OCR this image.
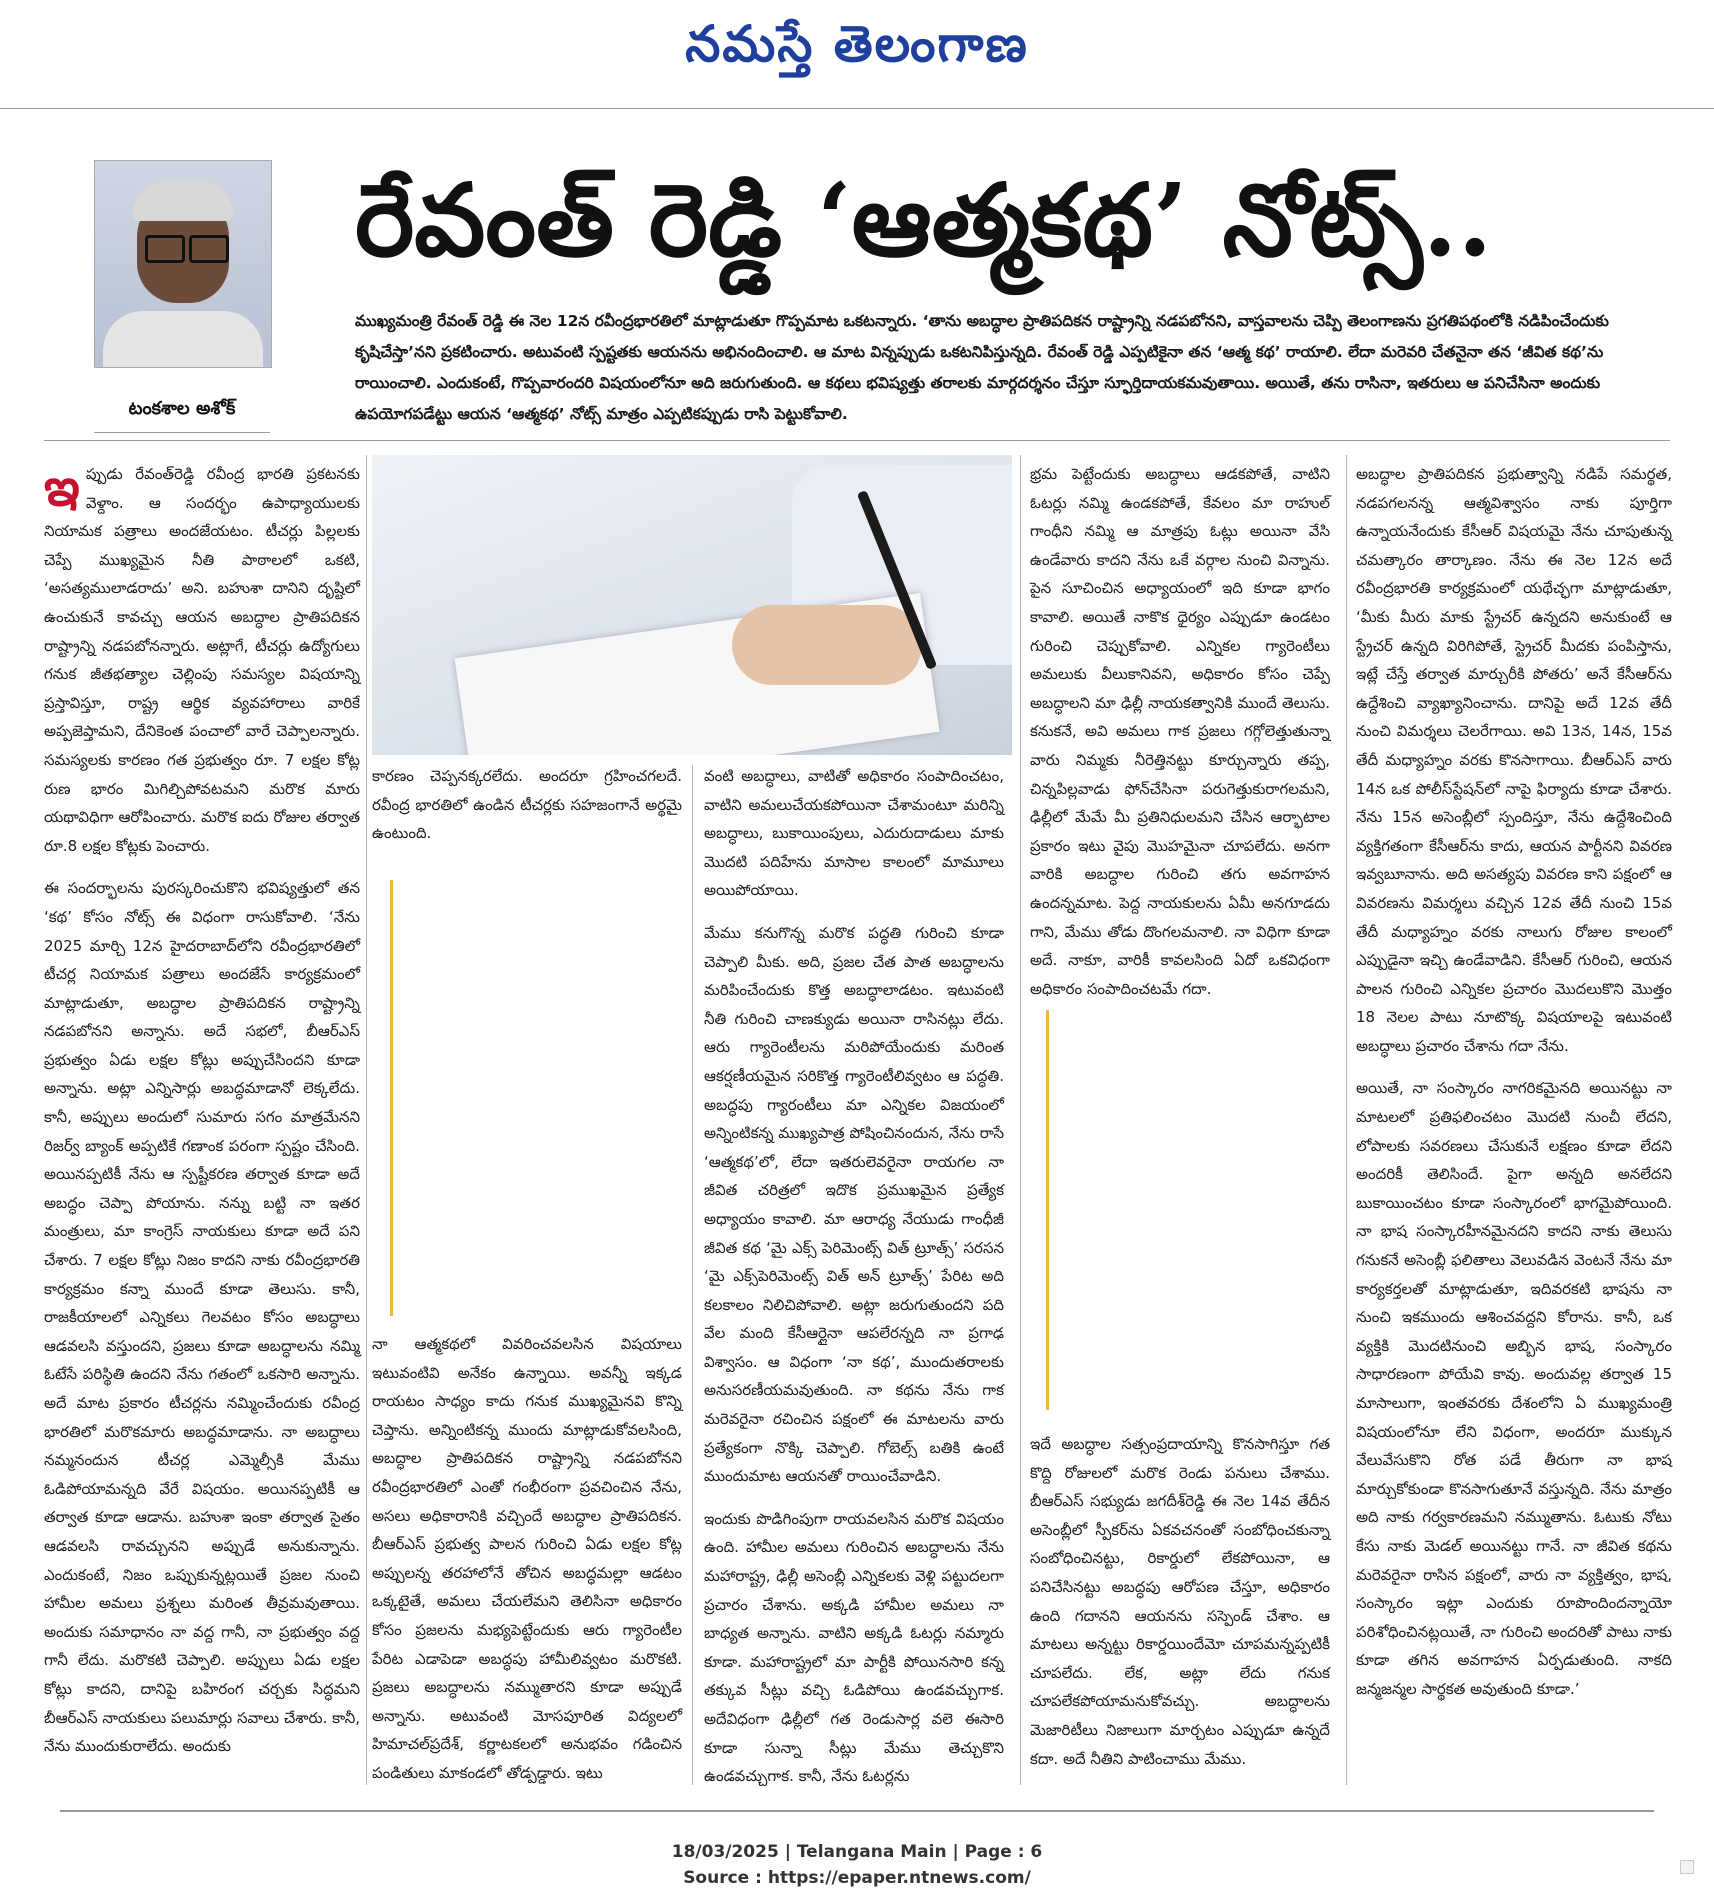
నమస్తే తెలంగాణ
టంకశాల అశోక్
రేవంత్ రెడ్డి ‘ఆత్మకథ’ నోట్స్..
ముఖ్యమంత్రి రేవంత్ రెడ్డి ఈ నెల 12న రవీంద్రభారతిలో మాట్లాడుతూ గొప్పమాట ఒకటన్నారు. ‘తాను అబద్ధాల ప్రాతిపదికన రాష్ట్రాన్ని నడపబోనని, వాస్తవాలను చెప్పి తెలంగాణను ప్రగతిపథంలోకి నడిపించేందుకు కృషిచేస్తా’నని ప్రకటించారు. అటువంటి స్పష్టతకు ఆయనను అభినందించాలి. ఆ మాట విన్నప్పుడు ఒకటనిపిస్తున్నది. రేవంత్ రెడ్డి ఎప్పటికైనా తన ‘ఆత్మ కథ’ రాయాలి. లేదా మరెవరి చేతనైనా తన ‘జీవిత కథ’ను రాయించాలి. ఎందుకంటే, గొప్పవారందరి విషయంలోనూ అది జరుగుతుంది. ఆ కథలు భవిష్యత్తు తరాలకు మార్గదర్శనం చేస్తూ స్ఫూర్తిదాయకమవుతాయి. అయితే, తను రాసినా, ఇతరులు ఆ పనిచేసినా అందుకు ఉపయోగపడేట్టు ఆయన ‘ఆత్మకథ’ నోట్స్ మాత్రం ఎప్పటికప్పుడు రాసి పెట్టుకోవాలి.

ఇప్పుడు రేవంత్‌రెడ్డి రవీంద్ర భారతి ప్రకటనకు వెళ్దాం. ఆ సందర్భం ఉపాధ్యాయులకు నియామక పత్రాలు అందజేయటం. టీచర్లు పిల్లలకు చెప్పే ముఖ్యమైన నీతి పాఠాలలో ఒకటి, ‘అసత్యములాడరాదు’ అని. బహుశా దానిని దృష్టిలో ఉంచుకునే కావచ్చు ఆయన అబద్ధాల ప్రాతిపదికన రాష్ట్రాన్ని నడపబోనన్నారు. అట్లాగే, టీచర్లు ఉద్యోగులు గనుక జీతభత్యాల చెల్లింపు సమస్యల విషయాన్ని ప్రస్తావిస్తూ, రాష్ట్ర ఆర్థిక వ్యవహారాలు వారికే అప్పజెప్తామని, దేనికెంత పంచాలో వారే చెప్పాలన్నారు. సమస్యలకు కారణం గత ప్రభుత్వం రూ. 7 లక్షల కోట్ల రుణ భారం మిగిల్చిపోవటమని మరొక మారు యథావిధిగా ఆరోపించారు. మరొక ఐదు రోజుల తర్వాత రూ.8 లక్షల కోట్లకు పెంచారు.

ఈ సందర్భాలను పురస్కరించుకొని భవిష్యత్తులో తన ‘కథ’ కోసం నోట్స్ ఈ విధంగా రాసుకోవాలి. ‘నేను 2025 మార్చి 12న హైదరాబాద్‌లోని రవీంద్రభారతిలో టీచర్ల నియామక పత్రాలు అందజేసే కార్యక్రమంలో మాట్లాడుతూ, అబద్ధాల ప్రాతిపదికన రాష్ట్రాన్ని నడపబోనని అన్నాను. అదే సభలో, బీఆర్ఎస్ ప్రభుత్వం ఏడు లక్షల కోట్లు అప్పుచేసిందని కూడా అన్నాను. అట్లా ఎన్నిసార్లు అబద్ధమాడానో లెక్కలేదు. కానీ, అప్పులు అందులో సుమారు సగం మాత్రమేనని రిజర్వ్ బ్యాంక్ అప్పటికే గణాంక పరంగా స్పష్టం చేసింది. అయినప్పటికీ నేను ఆ స్పష్టీకరణ తర్వాత కూడా అదే అబద్ధం చెప్పా పోయాను. నన్ను బట్టి నా ఇతర మంత్రులు, మా కాంగ్రెస్ నాయకులు కూడా అదే పని చేశారు. 7 లక్షల కోట్లు నిజం కాదని నాకు రవీంద్రభారతి కార్యక్రమం కన్నా ముందే కూడా తెలుసు. కానీ, రాజకీయాలలో ఎన్నికలు గెలవటం కోసం అబద్ధాలు ఆడవలసి వస్తుందని, ప్రజలు కూడా అబద్ధాలను నమ్మి ఓటేసే పరిస్థితి ఉందని నేను గతంలో ఒకసారి అన్నాను. అదే మాట ప్రకారం టీచర్లను నమ్మించేందుకు రవీంద్ర భారతిలో మరొకమారు అబద్ధమాడాను. నా అబద్ధాలు నమ్మనందున టీచర్ల ఎమ్మెల్సీకి మేము ఓడిపోయామన్నది వేరే విషయం. అయినప్పటికీ ఆ తర్వాత కూడా ఆడాను. బహుశా ఇంకా తర్వాత సైతం ఆడవలసి రావచ్చునని అప్పుడే అనుకున్నాను. ఎందుకంటే, నిజం ఒప్పుకున్నట్లయితే ప్రజల నుంచి హామీల అమలు ప్రశ్నలు మరింత తీవ్రమవుతాయి. అందుకు సమాధానం నా వద్ద గానీ, నా ప్రభుత్వం వద్ద గానీ లేదు. మరొకటి చెప్పాలి. అప్పులు ఏడు లక్షల కోట్లు కాదని, దానిపై బహిరంగ చర్చకు సిద్ధమని బీఆర్ఎస్ నాయకులు పలుమార్లు సవాలు చేశారు. కానీ, నేను ముందుకురాలేదు. అందుకు

కారణం చెప్పనక్కరలేదు. అందరూ గ్రహించగలదే. రవీంద్ర భారతిలో ఉండిన టీచర్లకు సహజంగానే అర్థమై ఉంటుంది.

నా ఆత్మకథలో వివరించవలసిన విషయాలు ఇటువంటివి అనేకం ఉన్నాయి. అవన్నీ ఇక్కడ రాయటం సాధ్యం కాదు గనుక ముఖ్యమైనవి కొన్ని చెప్తాను. అన్నింటికన్న ముందు మాట్లాడుకోవలసింది, అబద్ధాల ప్రాతిపదికన రాష్ట్రాన్ని నడపబోనని రవీంద్రభారతిలో ఎంతో గంభీరంగా ప్రవచించిన నేను, అసలు అధికారానికి వచ్చిందే అబద్ధాల ప్రాతిపదికన. బీఆర్ఎస్ ప్రభుత్వ పాలన గురించి ఏడు లక్షల కోట్ల అప్పులన్న తరహాలోనే తోచిన అబద్ధమల్లా ఆడటం ఒక్కటైతే, అమలు చేయలేమని తెలిసినా అధికారం కోసం ప్రజలను మభ్యపెట్టేందుకు ఆరు గ్యారెంటీల పేరిట ఎడాపెడా అబద్ధపు హామీలివ్వటం మరొకటి. ప్రజలు అబద్ధాలను నమ్ముతారని కూడా అప్పుడే అన్నాను. అటువంటి మోసపూరిత విద్యలలో హిమాచల్‌ప్రదేశ్, కర్ణాటకలలో అనుభవం గడించిన పండితులు మాకండలో తోడ్పడ్డారు. ఇటు

వంటి అబద్ధాలు, వాటితో అధికారం సంపాదించటం, వాటిని అమలుచేయకపోయినా చేశామంటూ మరిన్ని అబద్ధాలు, బుకాయింపులు, ఎదురుదాడులు మాకు మొదటి పదిహేను మాసాల కాలంలో మామూలు అయిపోయాయి.

మేము కనుగొన్న మరొక పద్ధతి గురించి కూడా చెప్పాలి మీకు. అది, ప్రజల చేత పాత అబద్ధాలను మరిపించేందుకు కొత్త అబద్ధాలాడటం. ఇటువంటి నీతి గురించి చాణక్యుడు అయినా రాసినట్లు లేదు. ఆరు గ్యారెంటీలను మరిపోయేందుకు మరింత ఆకర్షణీయమైన సరికొత్త గ్యారెంటీలివ్వటం ఆ పద్ధతి. అబద్ధపు గ్యారంటీలు మా ఎన్నికల విజయంలో అన్నింటికన్న ముఖ్యపాత్ర పోషించినందున, నేను రాసే ‘ఆత్మకథ’లో, లేదా ఇతరులెవరైనా రాయగల నా జీవిత చరిత్రలో ఇదొక ప్రముఖమైన ప్రత్యేక అధ్యాయం కావాలి. మా ఆరాధ్య నేయుడు గాంధీజీ జీవిత కథ ‘మై ఎక్స్ పెరిమెంట్స్ విత్ ట్రూత్స్’ సరసన ‘మై ఎక్స్‌పెరిమెంట్స్ విత్ అన్ ట్రూత్స్’ పేరిట అది కలకాలం నిలిచిపోవాలి. అట్లా జరుగుతుందని పది వేల మంది కేసీఆర్లైనా ఆపలేరన్నది నా ప్రగాఢ విశ్వాసం. ఆ విధంగా ‘నా కథ’, ముందుతరాలకు అనుసరణీయమవుతుంది. నా కథను నేను గాక మరెవరైనా రచించిన పక్షంలో ఈ మాటలను వారు ప్రత్యేకంగా నొక్కి చెప్పాలి. గోబెల్స్ బతికి ఉంటే ముందుమాట ఆయనతో రాయించేవాడిని.

ఇందుకు పొడిగింపుగా రాయవలసిన మరొక విషయం ఉంది. హామీల అమలు గురించిన అబద్ధాలను నేను మహారాష్ట్ర, ఢిల్లీ అసెంబ్లీ ఎన్నికలకు వెళ్లి పట్టుదలగా ప్రచారం చేశాను. అక్కడి హామీల అమలు నా బాధ్యత అన్నాను. వాటిని అక్కడి ఓటర్లు నమ్మారు కూడా. మహారాష్ట్రలో మా పార్టీకి పోయినసారి కన్న తక్కువ సీట్లు వచ్చి ఓడిపోయి ఉండవచ్చుగాక. అదేవిధంగా ఢిల్లీలో గత రెండుసార్ల వలె ఈసారి కూడా సున్నా సీట్లు మేము తెచ్చుకొని ఉండవచ్చుగాక. కానీ, నేను ఓటర్లను

భ్రమ పెట్టేందుకు అబద్ధాలు ఆడకపోతే, వాటిని ఓటర్లు నమ్మి ఉండకపోతే, కేవలం మా రాహుల్ గాంధీని నమ్మి ఆ మాత్రపు ఓట్లు అయినా వేసి ఉండేవారు కాదని నేను ఒకే వర్గాల నుంచి విన్నాను. పైన సూచించిన అధ్యాయంలో ఇది కూడా భాగం కావాలి. అయితే నాకొక ధైర్యం ఎప్పుడూ ఉండటం గురించి చెప్పుకోవాలి. ఎన్నికల గ్యారెంటీలు అమలుకు వీలుకానివని, అధికారం కోసం చెప్పే అబద్ధాలని మా ఢిల్లీ నాయకత్వానికి ముందే తెలుసు. కనుకనే, అవి అమలు గాక ప్రజలు గగ్గోలెత్తుతున్నా వారు నిమ్మకు నీరెత్తినట్టు కూర్చున్నారు తప్ప, చిన్నపిల్లవాడు ఫోన్‌చేసినా పరుగెత్తుకురాగలమని, ఢిల్లీలో మేమే మీ ప్రతినిధులమని చేసిన ఆర్భాటాల ప్రకారం ఇటు వైపు మొహమైనా చూపలేదు. అనగా వారికి అబద్ధాల గురించి తగు అవగాహన ఉందన్నమాట. పెద్ద నాయకులను ఏమీ అనగూడదు గాని, మేము తోడు దొంగలమనాలి. నా విధిగా కూడా అదే. నాకూ, వారికీ కావలసింది ఏదో ఒకవిధంగా అధికారం సంపాదించటమే గదా.

ఇదే అబద్ధాల సత్సంప్రదాయాన్ని కొనసాగిస్తూ గత కొద్ది రోజులలో మరొక రెండు పనులు చేశాము. బీఆర్ఎస్ సభ్యుడు జగదీశ్‌రెడ్డి ఈ నెల 14వ తేదీన అసెంబ్లీలో స్పీకర్‌ను ఏకవచనంతో సంబోధించకున్నా సంబోధించినట్టు, రికార్డులో లేకపోయినా, ఆ పనిచేసినట్టు అబద్ధపు ఆరోపణ చేస్తూ, అధికారం ఉంది గదానని ఆయనను సస్పెండ్ చేశాం. ఆ మాటలు అన్నట్టు రికార్డయిందేమో చూపమన్నప్పటికీ చూపలేదు. లేక, అట్లా లేదు గనుక చూపలేకపోయామనుకోవచ్చు. అబద్ధాలను మెజారిటీలు నిజాలుగా మార్చటం ఎప్పుడూ ఉన్నదే కదా. అదే నీతిని పాటించాము మేము.

అబద్ధాల ప్రాతిపదికన ప్రభుత్వాన్ని నడిపే సమర్థత, నడపగలనన్న ఆత్మవిశ్వాసం నాకు పూర్తిగా ఉన్నాయనేందుకు కేసీఆర్ విషయమై నేను చూపుతున్న చమత్కారం తార్కాణం. నేను ఈ నెల 12న అదే రవీంద్రభారతి కార్యక్రమంలో యథేచ్ఛగా మాట్లాడుతూ, ‘మీకు మీరు మాకు స్ట్రేచర్ ఉన్నదని అనుకుంటే ఆ స్ట్రేచర్ ఉన్నది విరిగిపోతే, స్ట్రెచర్ మీదకు పంపిస్తాను, ఇట్లే చేస్తే తర్వాత మార్చురీకి పోతరు’ అనే కేసీఆర్‌ను ఉద్దేశించి వ్యాఖ్యానించాను. దానిపై అదే 12వ తేదీ నుంచి విమర్శలు చెలరేగాయి. అవి 13న, 14న, 15వ తేదీ మధ్యాహ్నం వరకు కొనసాగాయి. బీఆర్ఎస్ వారు 14న ఒక పోలీస్‌స్టేషన్‌లో నాపై ఫిర్యాదు కూడా చేశారు. నేను 15న అసెంబ్లీలో స్పందిస్తూ, నేను ఉద్దేశించింది వ్యక్తిగతంగా కేసీఆర్‌ను కాదు, ఆయన పార్టీనని వివరణ ఇవ్వబూనాను. అది అసత్యపు వివరణ కాని పక్షంలో ఆ వివరణను విమర్శలు వచ్చిన 12వ తేదీ నుంచి 15వ తేదీ మధ్యాహ్నం వరకు నాలుగు రోజుల కాలంలో ఎప్పుడైనా ఇచ్చి ఉండేవాడిని. కేసీఆర్ గురించి, ఆయన పాలన గురించి ఎన్నికల ప్రచారం మొదలుకొని మొత్తం 18 నెలల పాటు నూటొక్క విషయాలపై ఇటువంటి అబద్ధాలు ప్రచారం చేశాను గదా నేను.

అయితే, నా సంస్కారం నాగరికమైనది అయినట్టు నా మాటలలో ప్రతిఫలించటం మొదటి నుంచీ లేదని, లోపాలకు సవరణలు చేసుకునే లక్షణం కూడా లేదని అందరికీ తెలిసిందే. పైగా అన్నది అనలేదని బుకాయించటం కూడా సంస్కారంలో భాగమైపోయింది. నా భాష సంస్కారహీనమైనదని కాదని నాకు తెలుసు గనుకనే అసెంబ్లీ ఫలితాలు వెలువడిన వెంటనే నేను మా కార్యకర్తలతో మాట్లాడుతూ, ఇదివరకటి భాషను నా నుంచి ఇకముందు ఆశించవద్దని కోరాను. కానీ, ఒక వ్యక్తికి మొదటినుంచి అబ్బిన భాష, సంస్కారం సాధారణంగా పోయేవి కావు. అందువల్ల తర్వాత 15 మాసాలుగా, ఇంతవరకు దేశంలోని ఏ ముఖ్యమంత్రి విషయంలోనూ లేని విధంగా, అందరూ ముక్కున వేలువేసుకొని రోత పడే తీరుగా నా భాష మార్చుకోకుండా కొనసాగుతూనే వస్తున్నది. నేను మాత్రం అది నాకు గర్వకారణమని నమ్ముతాను. ఓటుకు నోటు కేసు నాకు మెడల్ అయినట్టు గానే. నా జీవిత కథను మరెవరైనా రాసిన పక్షంలో, వారు నా వ్యక్తిత్వం, భాష, సంస్కారం ఇట్లా ఎందుకు రూపొందిందన్నాయో పరిశోధించినట్లయితే, నా గురించి అందరితో పాటు నాకు కూడా తగిన అవగాహన ఏర్పడుతుంది. నాకది జన్మజన్మల సార్థకత అవుతుంది కూడా.’

18/03/2025 | Telangana Main | Page : 6
Source : https://epaper.ntnews.com/
